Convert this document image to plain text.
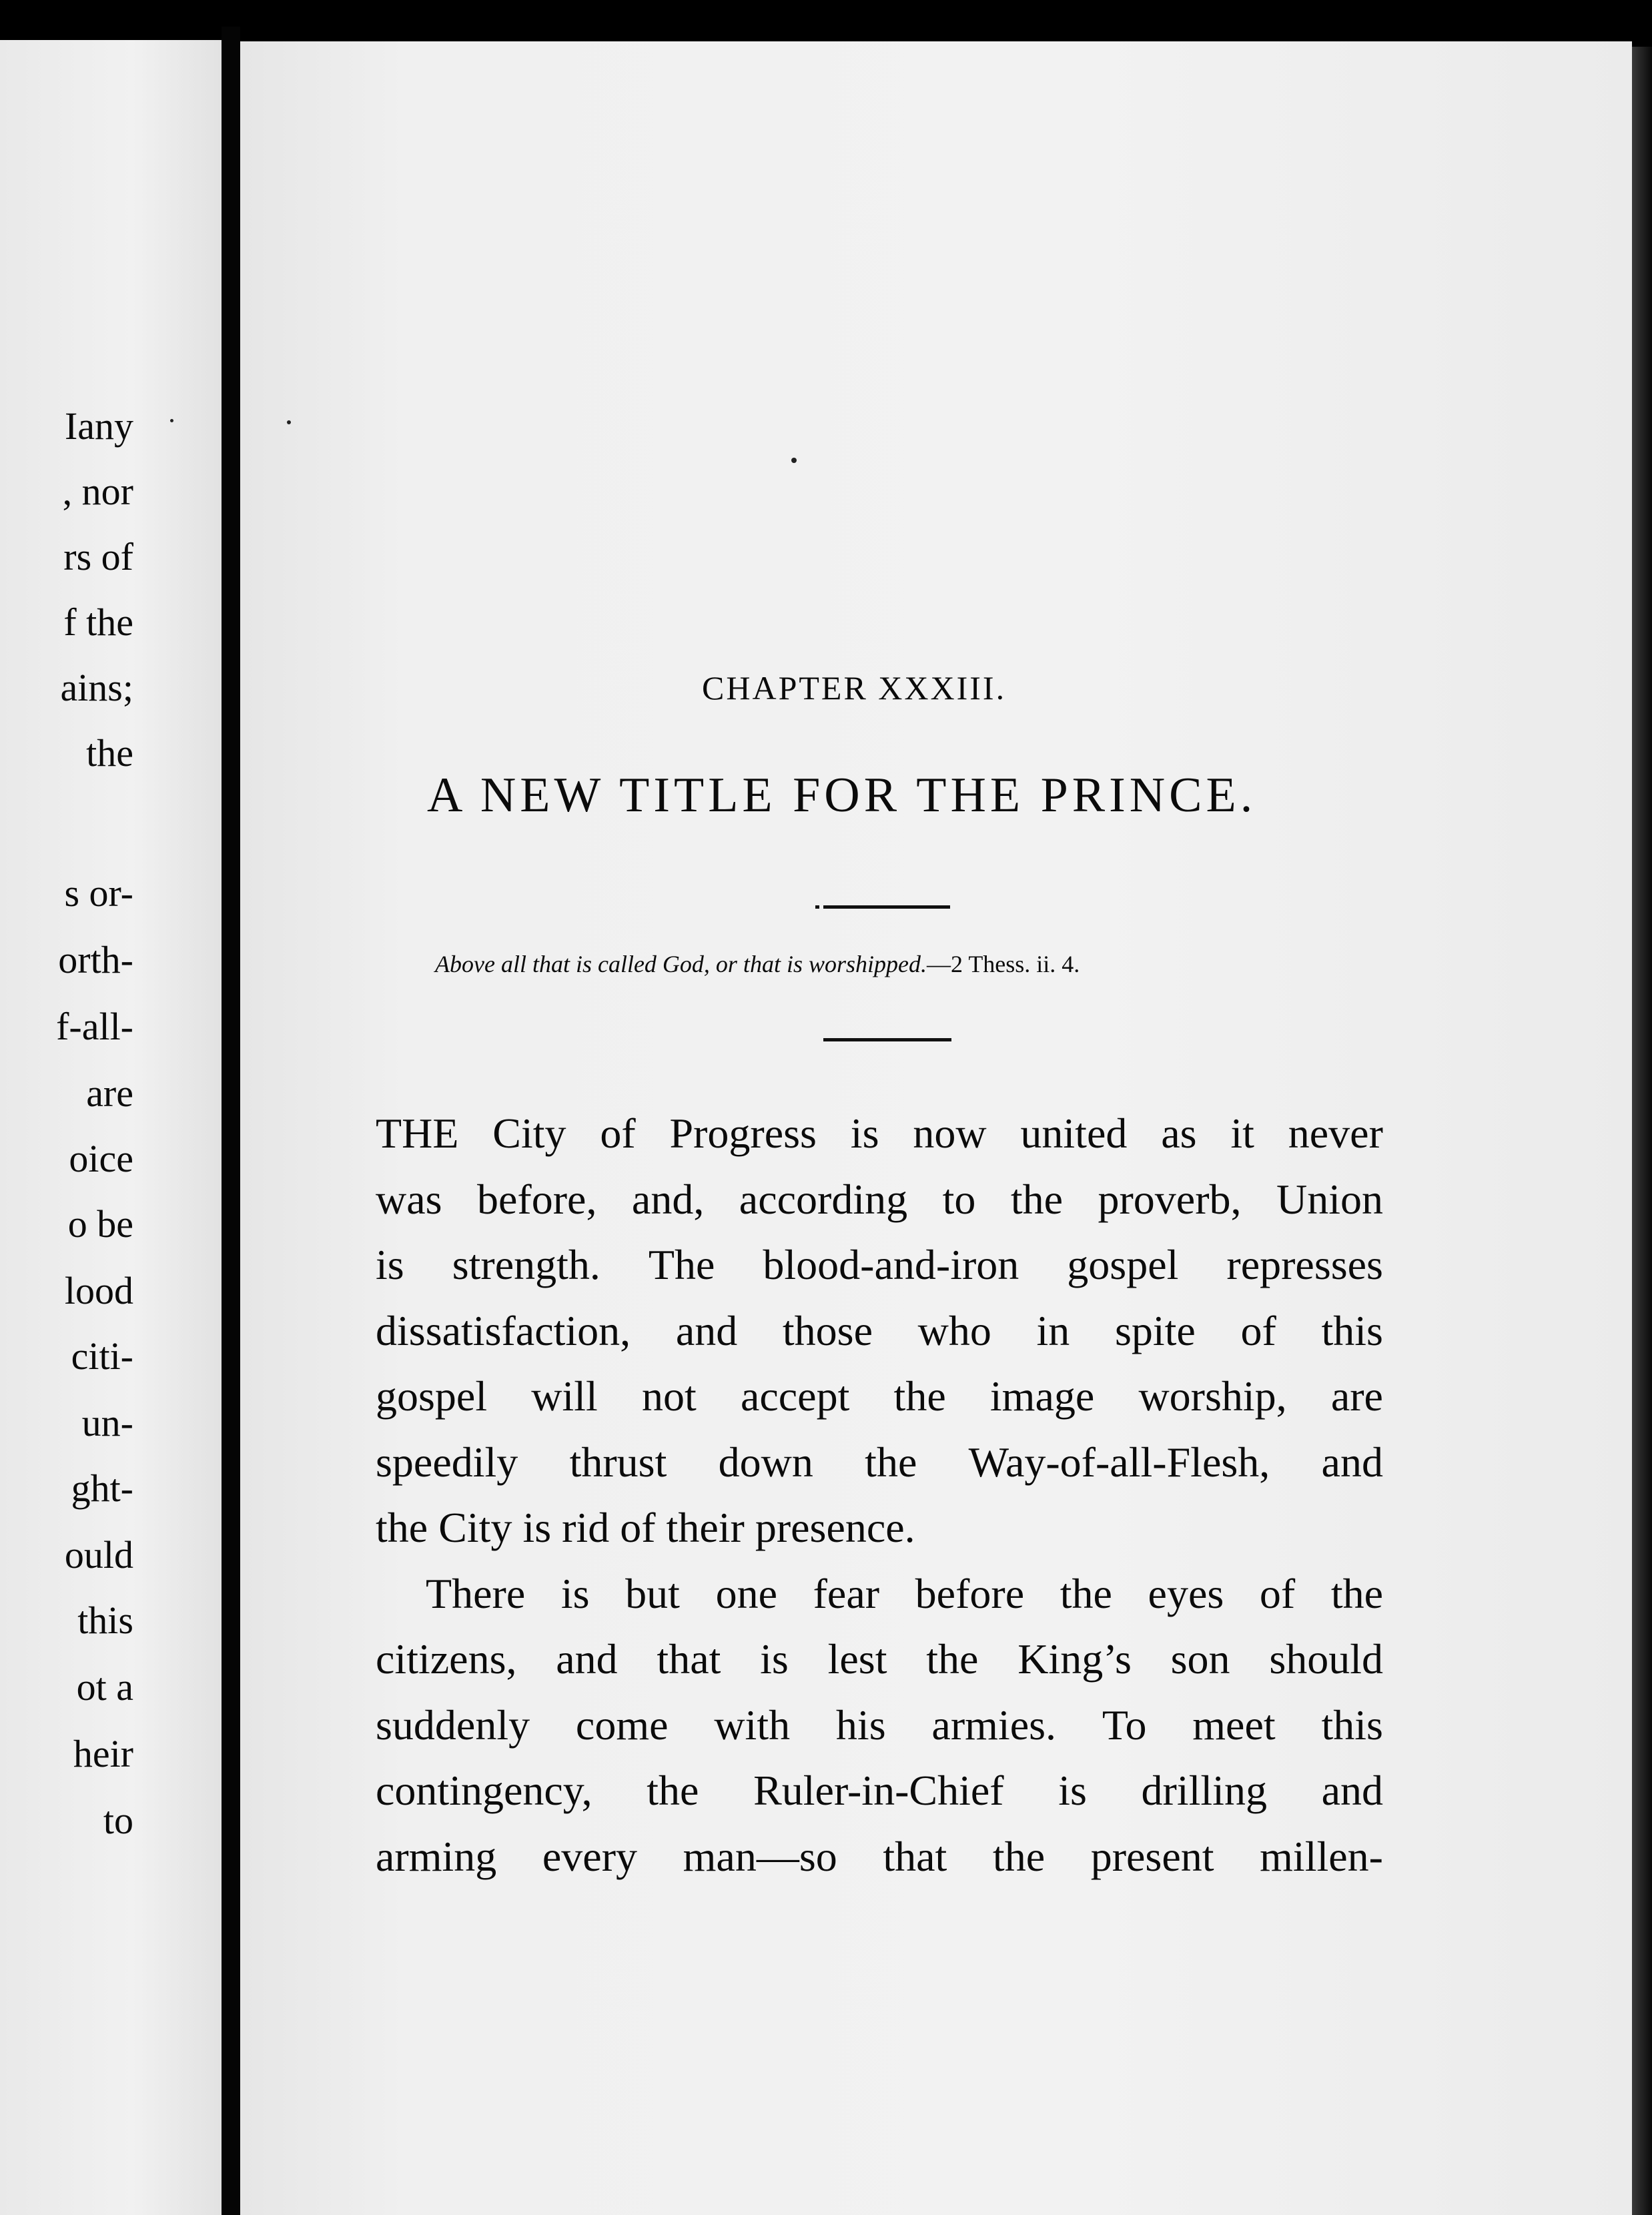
Iany
, nor
rs of
f the
ains;
the
s or-
orth-
f-all-
are
oice
o be
lood
citi-
un-
ght-
ould
this
ot a
heir
to
CHAPTER XXXIII.
A NEW TITLE FOR THE PRINCE.
Above all that is called God, or that is worshipped.—2 Thess. ii. 4.
THE City of Progress is now united as it never
was before, and, according to the proverb, Union
is strength. The blood-and-iron gospel represses
dissatisfaction, and those who in spite of this
gospel will not accept the image worship, are
speedily thrust down the Way-of-all-Flesh, and
the City is rid of their presence.
There is but one fear before the eyes of the
citizens, and that is lest the King’s son should
suddenly come with his armies. To meet this
contingency, the Ruler-in-Chief is drilling and
arming every man—so that the present millen-
